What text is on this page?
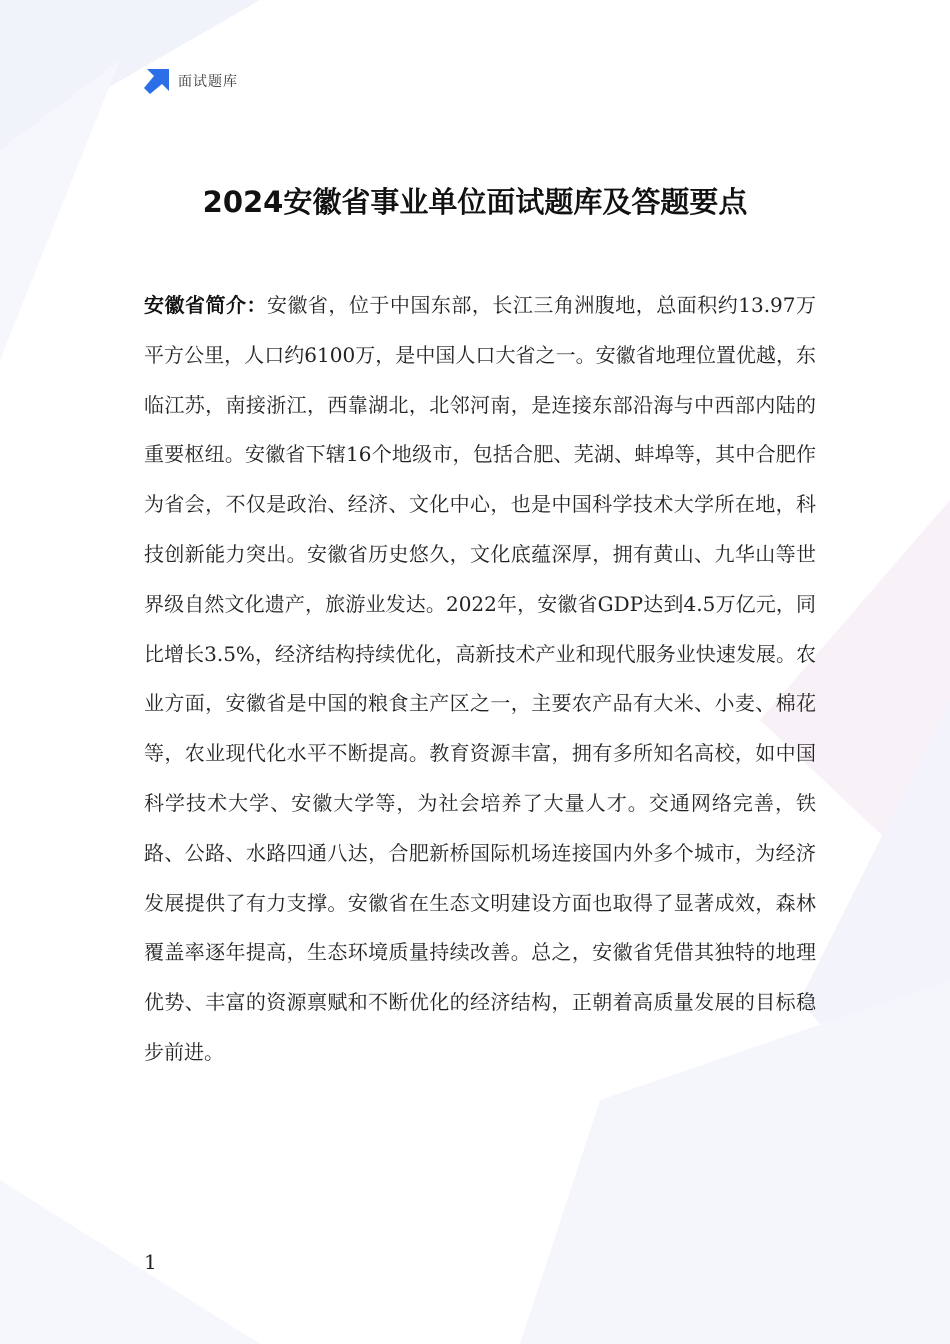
面试题库
2024安徽省事业单位面试题库及答题要点

安徽省简介：安徽省，位于中国东部，长江三角洲腹地，总面积约13.97万平方公里，人口约6100万，是中国人口大省之一。安徽省地理位置优越，东临江苏，南接浙江，西靠湖北，北邻河南，是连接东部沿海与中西部内陆的重要枢纽。安徽省下辖16个地级市，包括合肥、芜湖、蚌埠等，其中合肥作为省会，不仅是政治、经济、文化中心，也是中国科学技术大学所在地，科技创新能力突出。安徽省历史悠久，文化底蕴深厚，拥有黄山、九华山等世界级自然文化遗产，旅游业发达。2022年，安徽省GDP达到4.5万亿元，同比增长3.5%，经济结构持续优化，高新技术产业和现代服务业快速发展。农业方面，安徽省是中国的粮食主产区之一，主要农产品有大米、小麦、棉花等，农业现代化水平不断提高。教育资源丰富，拥有多所知名高校，如中国科学技术大学、安徽大学等，为社会培养了大量人才。交通网络完善，铁路、公路、水路四通八达，合肥新桥国际机场连接国内外多个城市，为经济发展提供了有力支撑。安徽省在生态文明建设方面也取得了显著成效，森林覆盖率逐年提高，生态环境质量持续改善。总之，安徽省凭借其独特的地理优势、丰富的资源禀赋和不断优化的经济结构，正朝着高质量发展的目标稳步前进。

1
